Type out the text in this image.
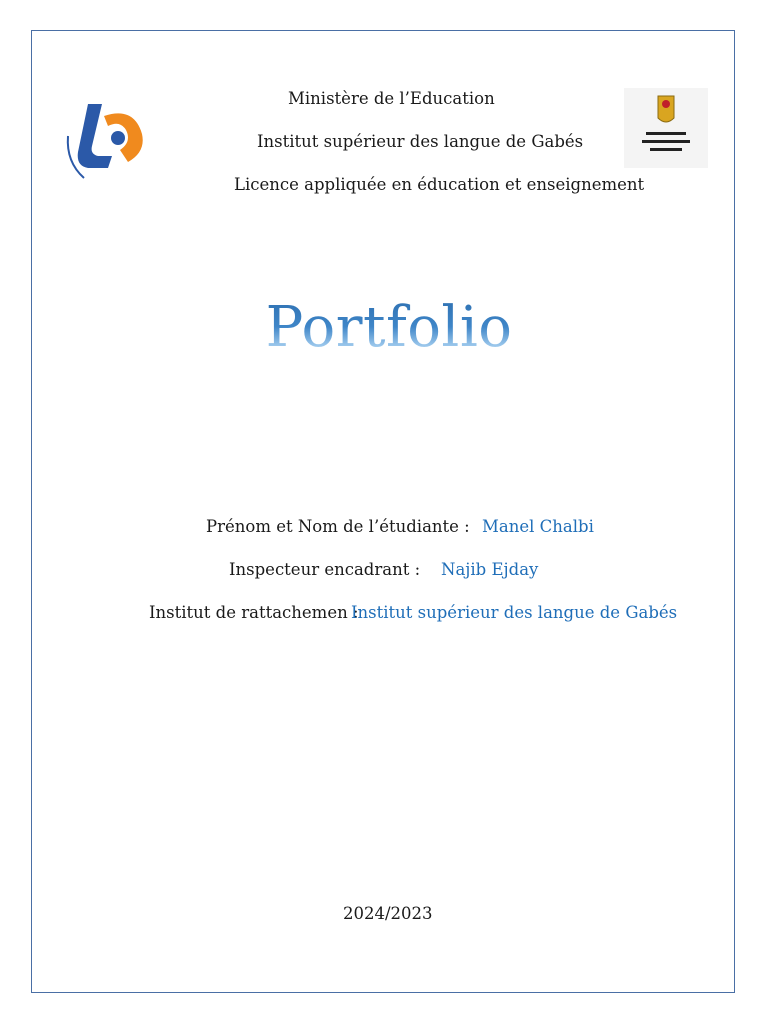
Ministère de l’Education
Institut supérieur des langue de Gabés
Licence appliquée en éducation et enseignement
Portfolio
Prénom et Nom de l’étudiante : Manel Chalbi
Inspecteur encadrant : Najib Ejday
Institut de rattachemen :
Institut supérieur des langue de Gabés
2024/2023
